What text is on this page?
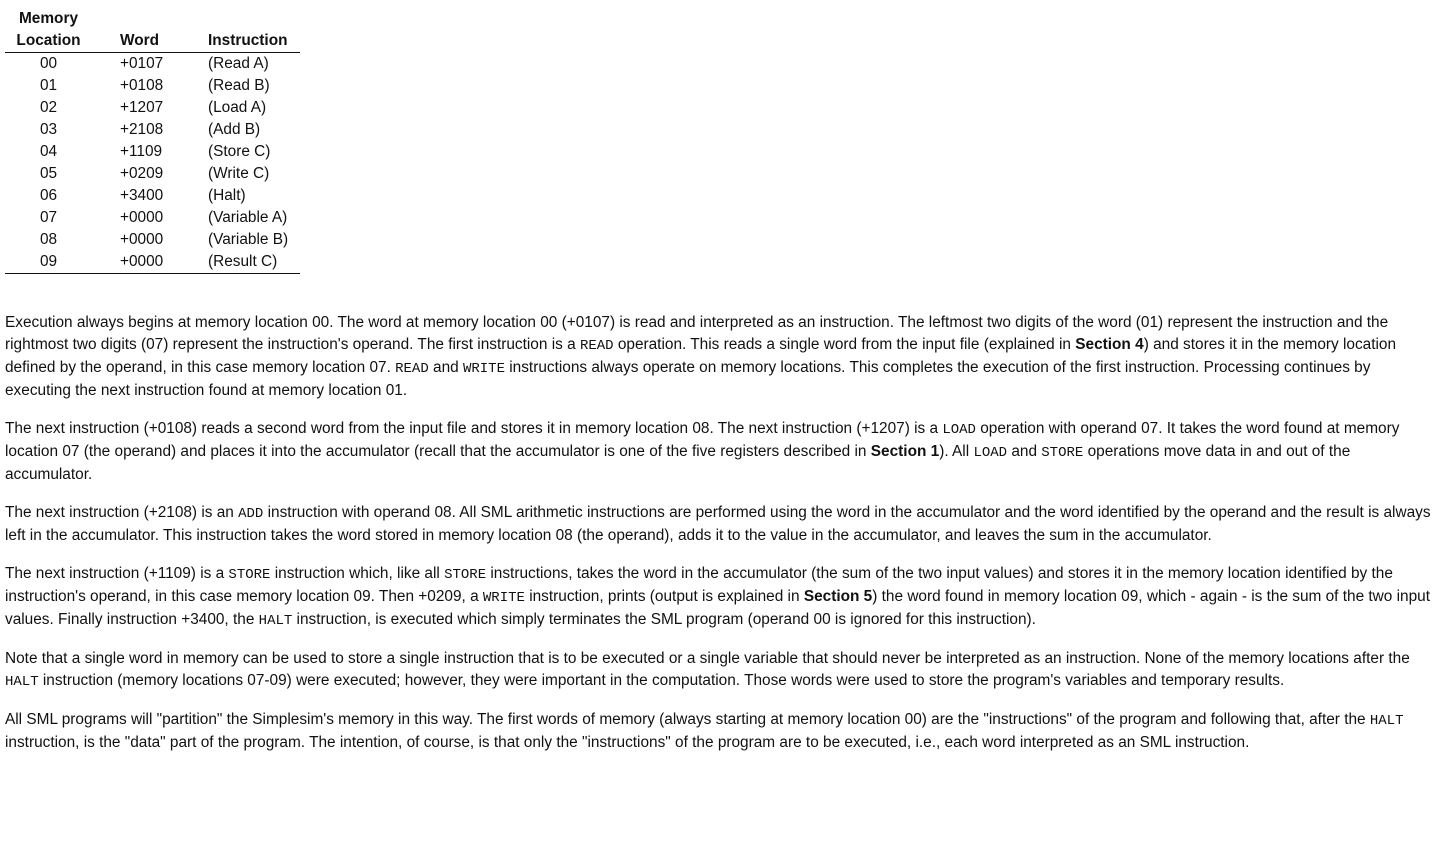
Memory
Location	Word	Instruction
00	+0107	(Read A)
01	+0108	(Read B)
02	+1207	(Load A)
03	+2108	(Add B)
04	+1109	(Store C)
05	+0209	(Write C)
06	+3400	(Halt)
07	+0000	(Variable A)
08	+0000	(Variable B)
09	+0000	(Result C)

Execution always begins at memory location 00. The word at memory location 00 (+0107) is read and interpreted as an instruction. The leftmost two digits of the word (01) represent the instruction and the rightmost two digits (07) represent the instruction's operand. The first instruction is a READ operation. This reads a single word from the input file (explained in Section 4) and stores it in the memory location defined by the operand, in this case memory location 07. READ and WRITE instructions always operate on memory locations. This completes the execution of the first instruction. Processing continues by executing the next instruction found at memory location 01.

The next instruction (+0108) reads a second word from the input file and stores it in memory location 08. The next instruction (+1207) is a LOAD operation with operand 07. It takes the word found at memory location 07 (the operand) and places it into the accumulator (recall that the accumulator is one of the five registers described in Section 1). All LOAD and STORE operations move data in and out of the accumulator.

The next instruction (+2108) is an ADD instruction with operand 08. All SML arithmetic instructions are performed using the word in the accumulator and the word identified by the operand and the result is always left in the accumulator. This instruction takes the word stored in memory location 08 (the operand), adds it to the value in the accumulator, and leaves the sum in the accumulator.

The next instruction (+1109) is a STORE instruction which, like all STORE instructions, takes the word in the accumulator (the sum of the two input values) and stores it in the memory location identified by the instruction's operand, in this case memory location 09. Then +0209, a WRITE instruction, prints (output is explained in Section 5) the word found in memory location 09, which - again - is the sum of the two input values. Finally instruction +3400, the HALT instruction, is executed which simply terminates the SML program (operand 00 is ignored for this instruction).

Note that a single word in memory can be used to store a single instruction that is to be executed or a single variable that should never be interpreted as an instruction. None of the memory locations after the HALT instruction (memory locations 07-09) were executed; however, they were important in the computation. Those words were used to store the program's variables and temporary results.

All SML programs will "partition" the Simplesim's memory in this way. The first words of memory (always starting at memory location 00) are the "instructions" of the program and following that, after the HALT instruction, is the "data" part of the program. The intention, of course, is that only the "instructions" of the program are to be executed, i.e., each word interpreted as an SML instruction.
